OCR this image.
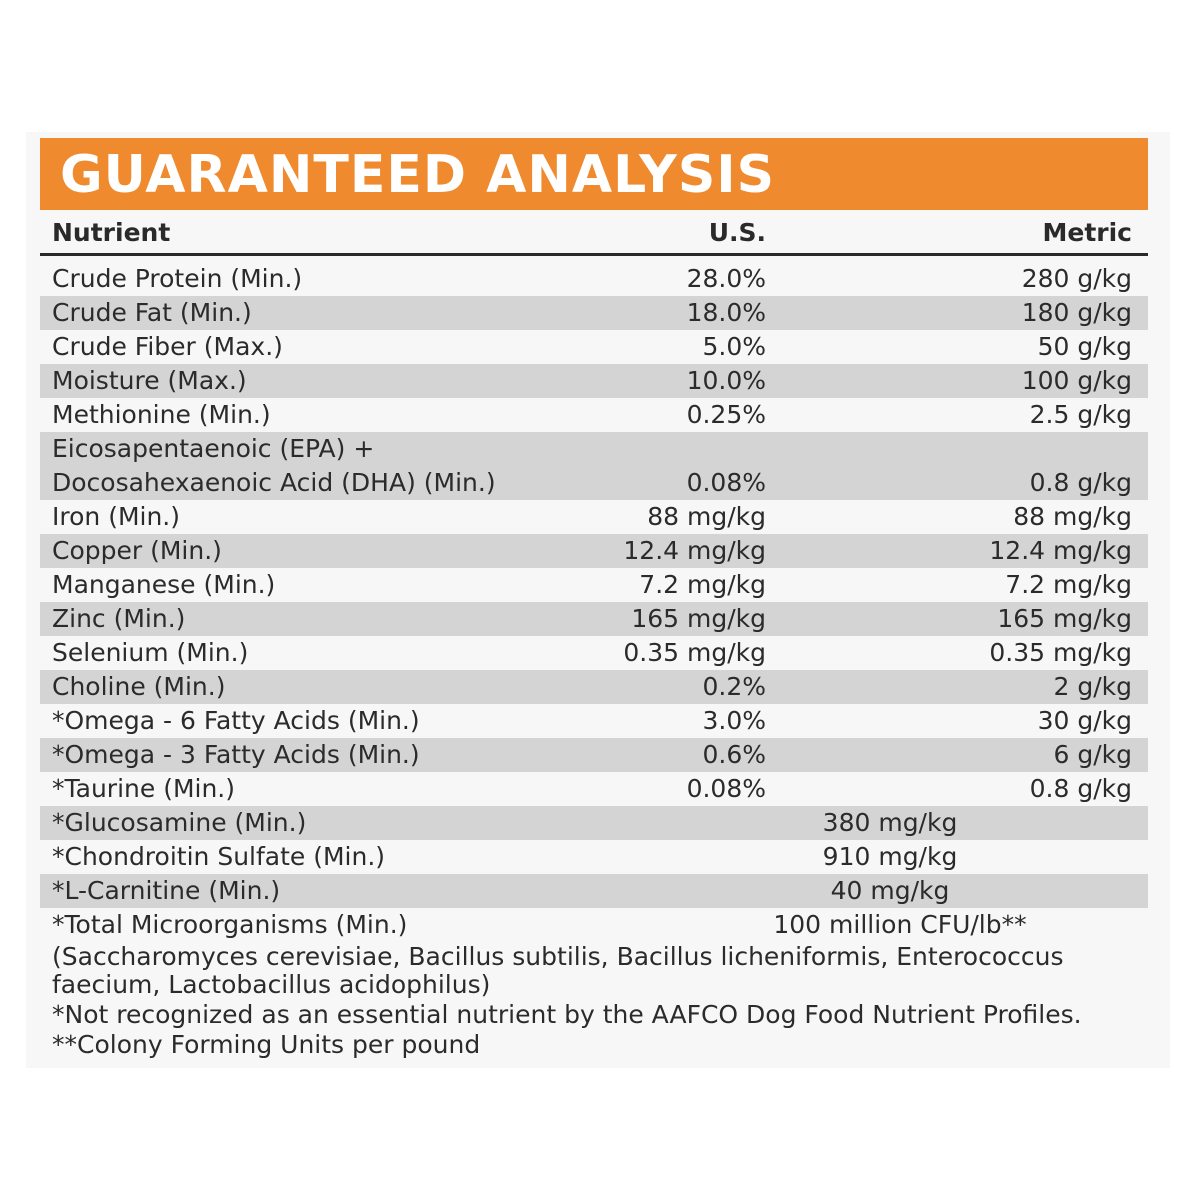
GUARANTEED ANALYSIS
Nutrient	U.S.	Metric
Crude Protein (Min.)	28.0%	280 g/kg
Crude Fat (Min.)	18.0%	180 g/kg
Crude Fiber (Max.)	5.0%	50 g/kg
Moisture (Max.)	10.0%	100 g/kg
Methionine (Min.)	0.25%	2.5 g/kg
Eicosapentaenoic (EPA) +
Docosahexaenoic Acid (DHA) (Min.)	0.08%	0.8 g/kg
Iron (Min.)	88 mg/kg	88 mg/kg
Copper (Min.)	12.4 mg/kg	12.4 mg/kg
Manganese (Min.)	7.2 mg/kg	7.2 mg/kg
Zinc (Min.)	165 mg/kg	165 mg/kg
Selenium (Min.)	0.35 mg/kg	0.35 mg/kg
Choline (Min.)	0.2%	2 g/kg
*Omega - 6 Fatty Acids (Min.)	3.0%	30 g/kg
*Omega - 3 Fatty Acids (Min.)	0.6%	6 g/kg
*Taurine (Min.)	0.08%	0.8 g/kg
*Glucosamine (Min.)	380 mg/kg
*Chondroitin Sulfate (Min.)	910 mg/kg
*L-Carnitine (Min.)	40 mg/kg
*Total Microorganisms (Min.)	100 million CFU/lb**
(Saccharomyces cerevisiae, Bacillus subtilis, Bacillus licheniformis, Enterococcus
faecium, Lactobacillus acidophilus)
*Not recognized as an essential nutrient by the AAFCO Dog Food Nutrient Profiles.
**Colony Forming Units per pound
